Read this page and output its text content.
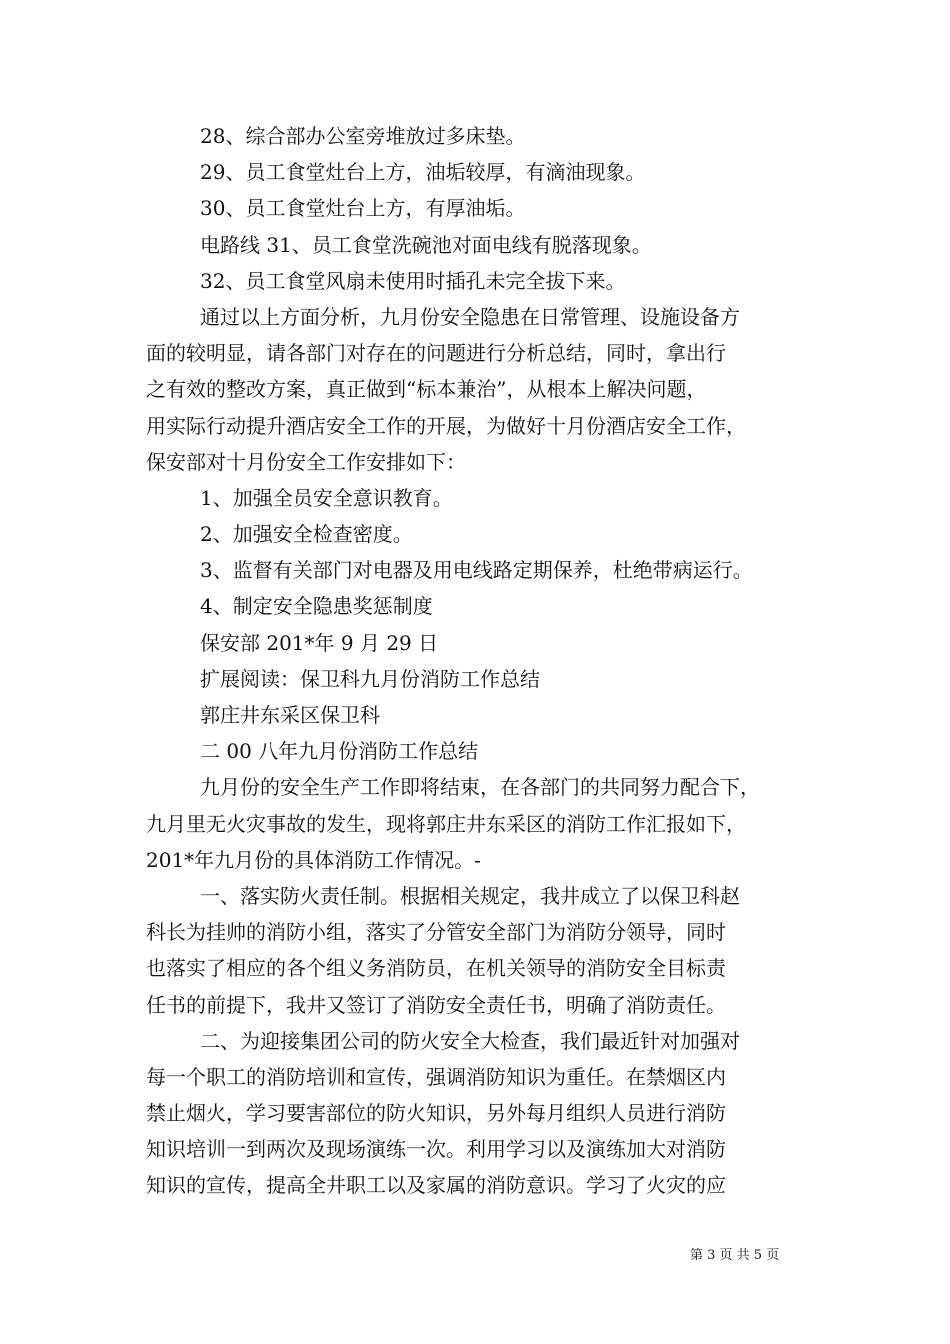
28、综合部办公室旁堆放过多床垫。
29、员工食堂灶台上方，油垢较厚，有滴油现象。
30、员工食堂灶台上方，有厚油垢。
电路线 31、员工食堂洗碗池对面电线有脱落现象。
32、员工食堂风扇未使用时插孔未完全拔下来。
通过以上方面分析，九月份安全隐患在日常管理、设施设备方
面的较明显，请各部门对存在的问题进行分析总结，同时，拿出行
之有效的整改方案，真正做到“标本兼治”，从根本上解决问题，
用实际行动提升酒店安全工作的开展，为做好十月份酒店安全工作，
保安部对十月份安全工作安排如下：
1、加强全员安全意识教育。
2、加强安全检查密度。
3、监督有关部门对电器及用电线路定期保养，杜绝带病运行。
4、制定安全隐患奖惩制度
保安部 201*年 9 月 29 日
扩展阅读：保卫科九月份消防工作总结
郭庄井东采区保卫科
二 00 八年九月份消防工作总结
九月份的安全生产工作即将结束，在各部门的共同努力配合下，
九月里无火灾事故的发生，现将郭庄井东采区的消防工作汇报如下，
201*年九月份的具体消防工作情况。-
一、落实防火责任制。根据相关规定，我井成立了以保卫科赵
科长为挂帅的消防小组，落实了分管安全部门为消防分领导，同时
也落实了相应的各个组义务消防员，在机关领导的消防安全目标责
任书的前提下，我井又签订了消防安全责任书，明确了消防责任。
二、为迎接集团公司的防火安全大检查，我们最近针对加强对
每一个职工的消防培训和宣传，强调消防知识为重任。在禁烟区内
禁止烟火，学习要害部位的防火知识，另外每月组织人员进行消防
知识培训一到两次及现场演练一次。利用学习以及演练加大对消防
知识的宣传，提高全井职工以及家属的消防意识。学习了火灾的应
第 3 页 共 5 页
